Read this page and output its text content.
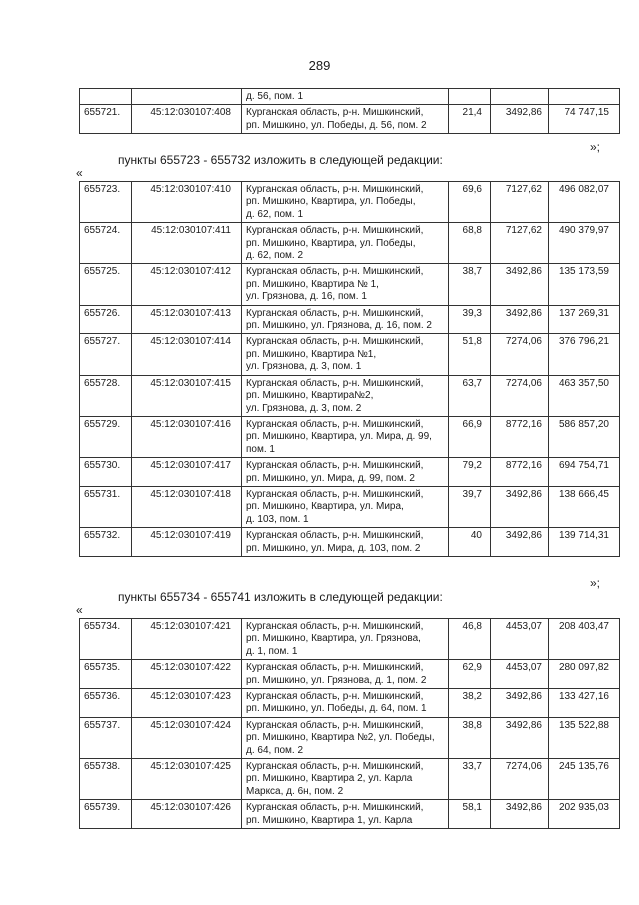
289

		д. 56, пом. 1			

655721.	45:12:030107:408	Курганская область, р-н. Мишкинский,
рп. Мишкино, ул. Победы, д. 56, пом. 2	21,4	3492,86	74 747,15
»;
пункты 655723 - 655732 изложить в следующей редакции:
«
655723.	45:12:030107:410	Курганская область, р-н. Мишкинский,
рп. Мишкино, Квартира, ул. Победы,
д. 62, пом. 1	69,6	7127,62	496 082,07
655724.	45:12:030107:411	Курганская область, р-н. Мишкинский,
рп. Мишкино, Квартира, ул. Победы,
д. 62, пом. 2	68,8	7127,62	490 379,97
655725.	45:12:030107:412	Курганская область, р-н. Мишкинский,
рп. Мишкино, Квартира № 1,
ул. Грязнова, д. 16, пом. 1	38,7	3492,86	135 173,59
655726.	45:12:030107:413	Курганская область, р-н. Мишкинский,
рп. Мишкино, ул. Грязнова, д. 16, пом. 2	39,3	3492,86	137 269,31
655727.	45:12:030107:414	Курганская область, р-н. Мишкинский,
рп. Мишкино, Квартира №1,
ул. Грязнова, д. 3, пом. 1	51,8	7274,06	376 796,21
655728.	45:12:030107:415	Курганская область, р-н. Мишкинский,
рп. Мишкино, Квартира№2,
ул. Грязнова, д. 3, пом. 2	63,7	7274,06	463 357,50
655729.	45:12:030107:416	Курганская область, р-н. Мишкинский,
рп. Мишкино, Квартира, ул. Мира, д. 99,
пом. 1	66,9	8772,16	586 857,20
655730.	45:12:030107:417	Курганская область, р-н. Мишкинский,
рп. Мишкино, ул. Мира, д. 99, пом. 2	79,2	8772,16	694 754,71
655731.	45:12:030107:418	Курганская область, р-н. Мишкинский,
рп. Мишкино, Квартира, ул. Мира,
д. 103, пом. 1	39,7	3492,86	138 666,45
655732.	45:12:030107:419	Курганская область, р-н. Мишкинский,
рп. Мишкино, ул. Мира, д. 103, пом. 2	40	3492,86	139 714,31
»;
пункты 655734 - 655741 изложить в следующей редакции:
«
655734.	45:12:030107:421	Курганская область, р-н. Мишкинский,
рп. Мишкино, Квартира, ул. Грязнова,
д. 1, пом. 1	46,8	4453,07	208 403,47
655735.	45:12:030107:422	Курганская область, р-н. Мишкинский,
рп. Мишкино, ул. Грязнова, д. 1, пом. 2	62,9	4453,07	280 097,82
655736.	45:12:030107:423	Курганская область, р-н. Мишкинский,
рп. Мишкино, ул. Победы, д. 64, пом. 1	38,2	3492,86	133 427,16
655737.	45:12:030107:424	Курганская область, р-н. Мишкинский,
рп. Мишкино, Квартира №2, ул. Победы,
д. 64, пом. 2	38,8	3492,86	135 522,88
655738.	45:12:030107:425	Курганская область, р-н. Мишкинский,
рп. Мишкино, Квартира 2, ул. Карла
Маркса, д. 6н, пом. 2	33,7	7274,06	245 135,76
655739.	45:12:030107:426	Курганская область, р-н. Мишкинский,
рп. Мишкино, Квартира 1, ул. Карла	58,1	3492,86	202 935,03
